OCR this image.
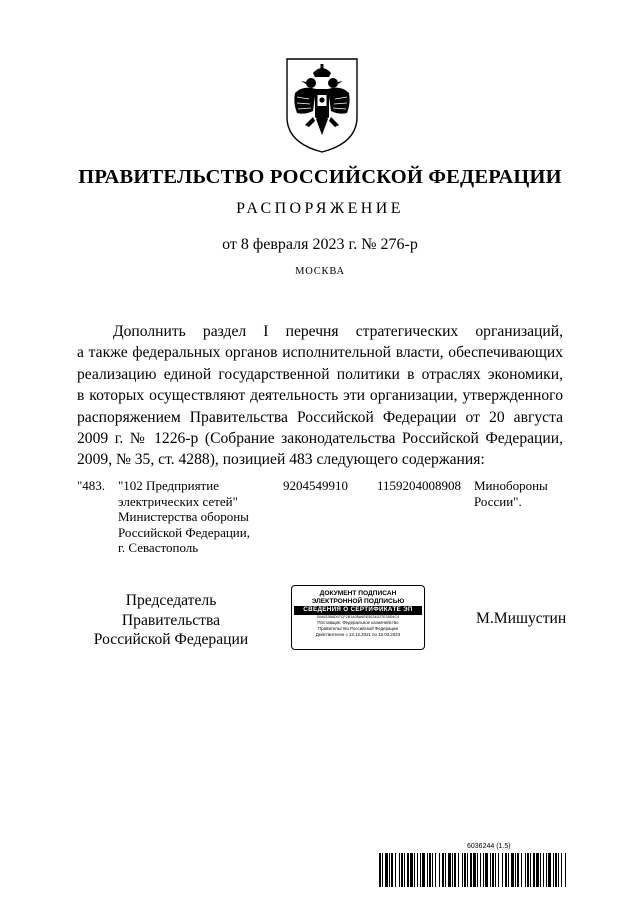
ПРАВИТЕЛЬСТВО РОССИЙСКОЙ ФЕДЕРАЦИИ
РАСПОРЯЖЕНИЕ
от 8 февраля 2023 г. № 276-р
МОСКВА
Дополнить раздел I перечня стратегических организаций,
а также федеральных органов исполнительной власти, обеспечивающих
реализацию единой государственной политики в отраслях экономики,
в которых осуществляют деятельность эти организации, утвержденного
распоряжением Правительства Российской Федерации от 20 августа
2009 г. № 1226-р (Собрание законодательства Российской Федерации,
2009, № 35, ст. 4288), позицией 483 следующего содержания:
"483. "102 Предприятие
электрических сетей"
Министерства обороны
Российской Федерации,
г. Севастополь
9204549910 1159204008908 Минобороны
России".
Председатель Правительства
Российской Федерации
ДОКУМЕНТ ПОДПИСАН
ЭЛЕКТРОННОЙ ПОДПИСЬЮ
СВЕДЕНИЯ О СЕРТИФИКАТЕ ЭП
00A633B8D07CF2B1A35A6EE5024D27E39D4C4
Поставщик: Федеральное казначейство
Правительство Российской Федерации
Действителен с 13.12.2021 по 13.03.2023
М.Мишустин
6036244 (1.5)
